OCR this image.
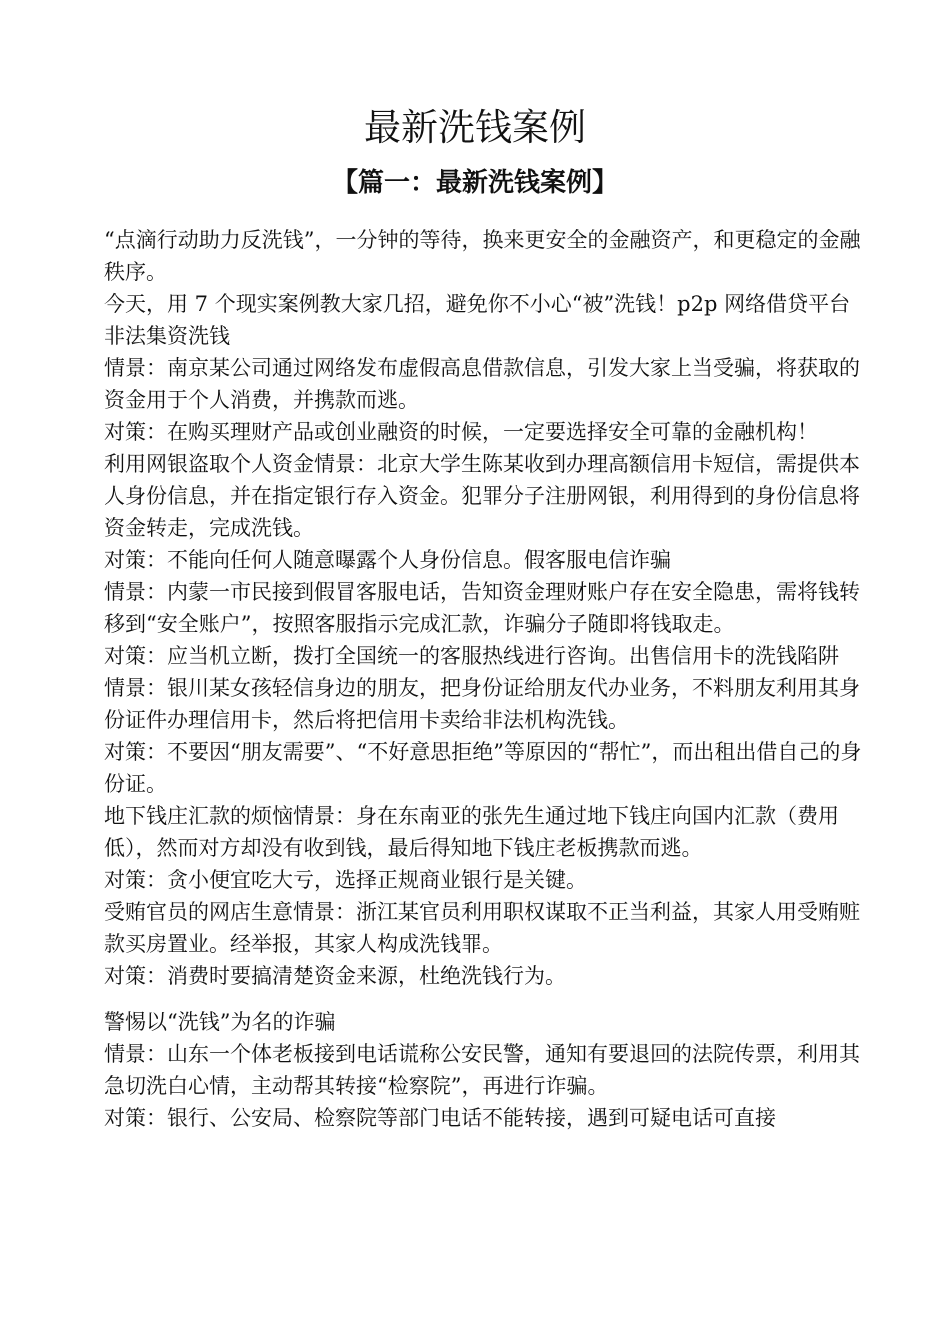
最新洗钱案例
【篇一：最新洗钱案例】

“点滴行动助力反洗钱”，一分钟的等待，换来更安全的金融资产，和更稳定的金融秩序。

今天，用 7 个现实案例教大家几招，避免你不小心“被”洗钱！p2p 网络借贷平台非法集资洗钱

情景：南京某公司通过网络发布虚假高息借款信息，引发大家上当受骗，将获取的资金用于个人消费，并携款而逃。

对策：在购买理财产品或创业融资的时候，一定要选择安全可靠的金融机构！

利用网银盗取个人资金情景：北京大学生陈某收到办理高额信用卡短信，需提供本人身份信息，并在指定银行存入资金。犯罪分子注册网银，利用得到的身份信息将资金转走，完成洗钱。

对策：不能向任何人随意曝露个人身份信息。假客服电信诈骗

情景：内蒙一市民接到假冒客服电话，告知资金理财账户存在安全隐患，需将钱转移到“安全账户”，按照客服指示完成汇款，诈骗分子随即将钱取走。

对策：应当机立断，拨打全国统一的客服热线进行咨询。出售信用卡的洗钱陷阱

情景：银川某女孩轻信身边的朋友，把身份证给朋友代办业务，不料朋友利用其身份证件办理信用卡，然后将把信用卡卖给非法机构洗钱。

对策：不要因“朋友需要”、“不好意思拒绝”等原因的“帮忙”，而出租出借自己的身份证。

地下钱庄汇款的烦恼情景：身在东南亚的张先生通过地下钱庄向国内汇款（费用低），然而对方却没有收到钱，最后得知地下钱庄老板携款而逃。

对策：贪小便宜吃大亏，选择正规商业银行是关键。

受贿官员的网店生意情景：浙江某官员利用职权谋取不正当利益，其家人用受贿赃款买房置业。经举报，其家人构成洗钱罪。

对策：消费时要搞清楚资金来源，杜绝洗钱行为。

警惕以“洗钱”为名的诈骗

情景：山东一个体老板接到电话谎称公安民警，通知有要退回的法院传票，利用其急切洗白心情，主动帮其转接“检察院”，再进行诈骗。

对策：银行、公安局、检察院等部门电话不能转接，遇到可疑电话可直接
